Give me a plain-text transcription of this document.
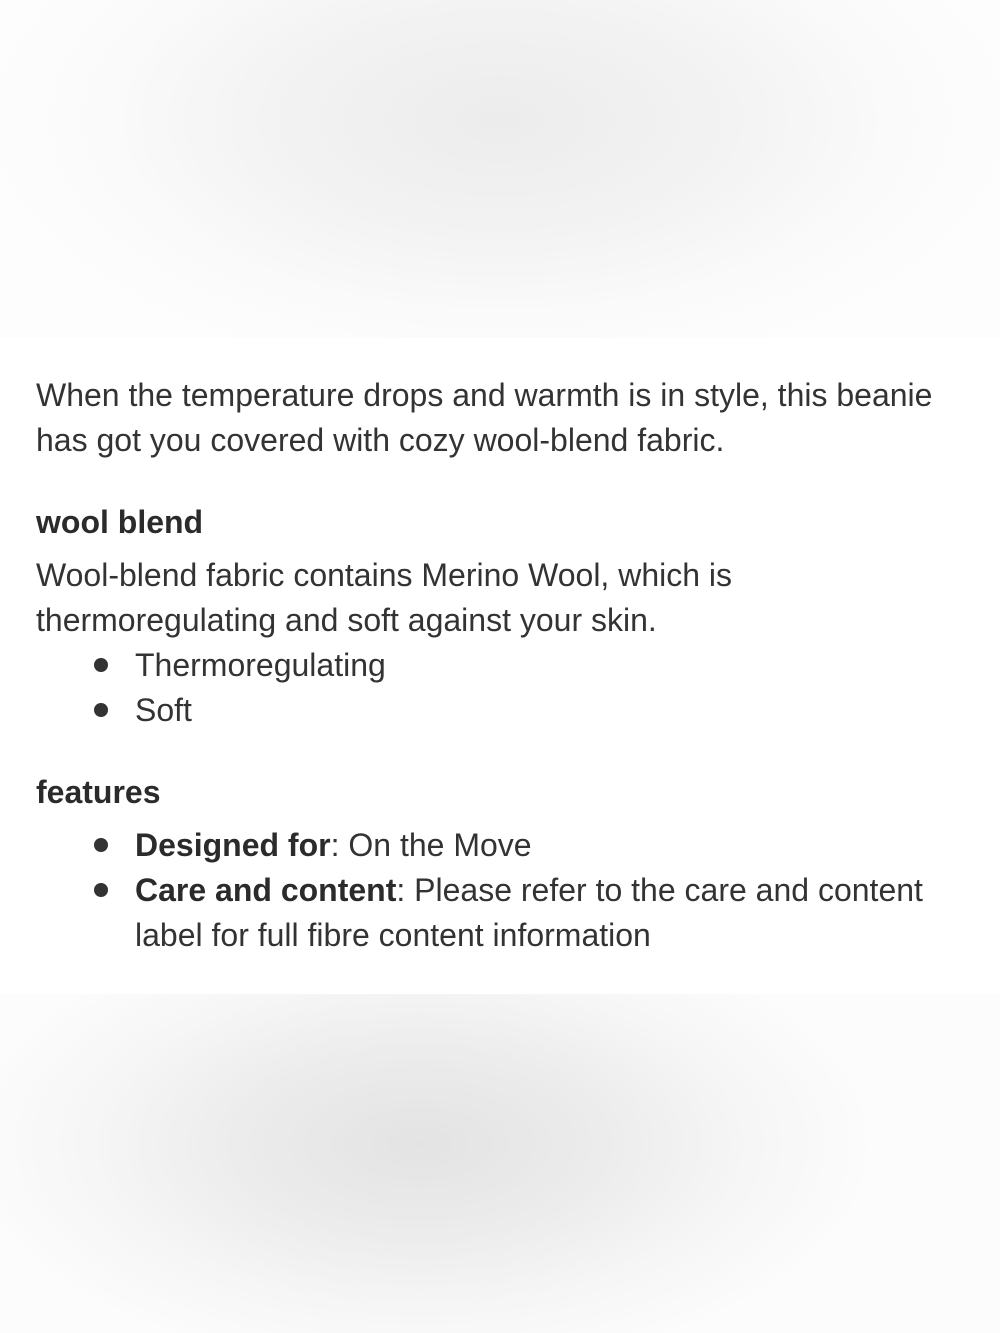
When the temperature drops and warmth is in style, this beanie has got you covered with cozy wool-blend fabric.

wool blend

Wool-blend fabric contains Merino Wool, which is thermoregulating and soft against your skin.

Thermoregulating
Soft
features
Designed for: On the Move
Care and content: Please refer to the care and content label for full fibre content information
